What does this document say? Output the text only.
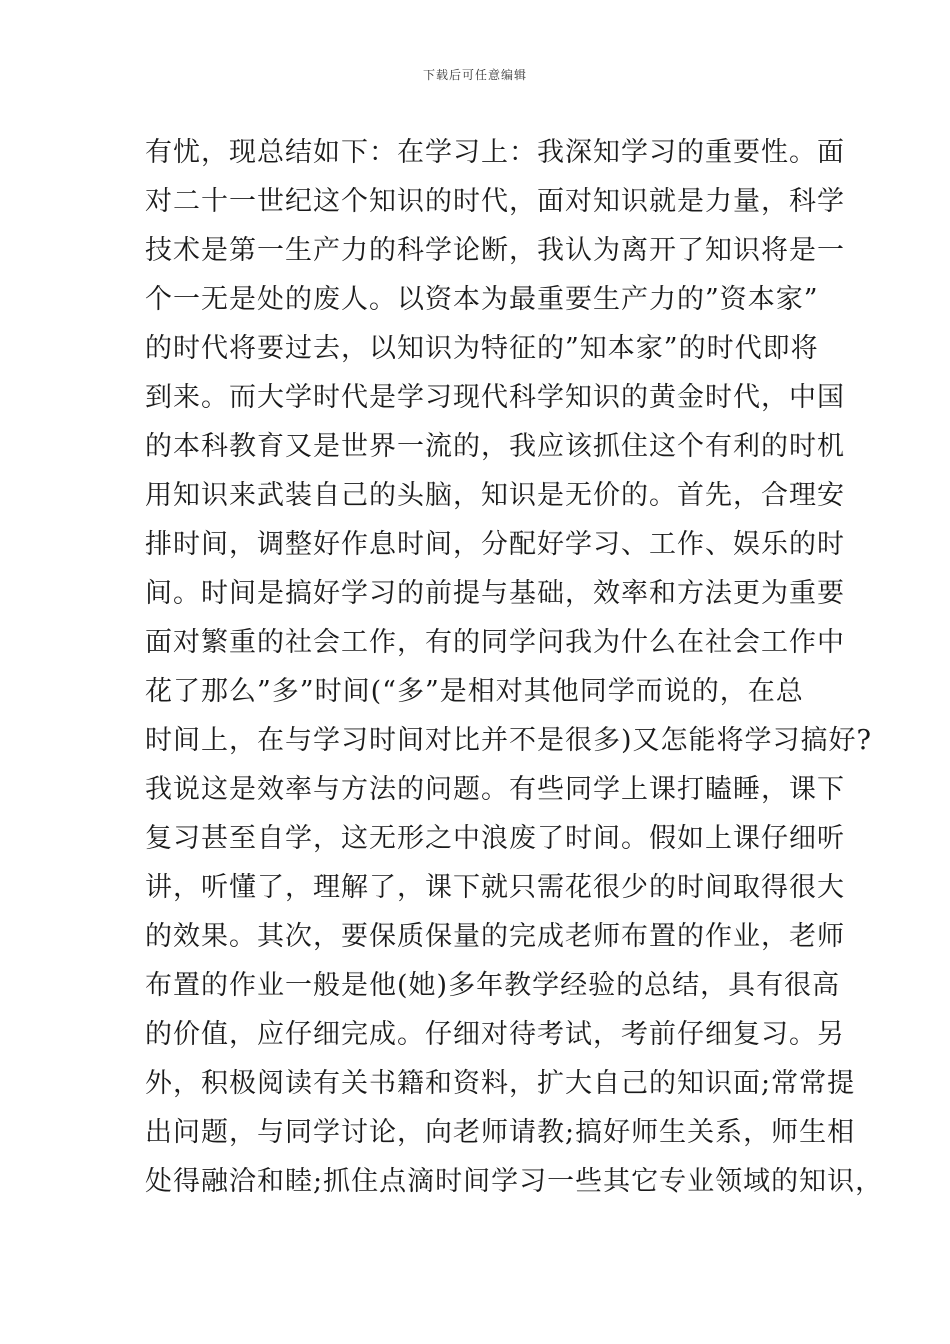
下载后可任意编辑
有忧，现总结如下：在学习上：我深知学习的重要性。面
对二十一世纪这个知识的时代，面对知识就是力量，科学
技术是第一生产力的科学论断，我认为离开了知识将是一
个一无是处的废人。以资本为最重要生产力的”资本家”
的时代将要过去，以知识为特征的”知本家”的时代即将
到来。而大学时代是学习现代科学知识的黄金时代，中国
的本科教育又是世界一流的，我应该抓住这个有利的时机
用知识来武装自己的头脑，知识是无价的。首先，合理安
排时间，调整好作息时间，分配好学习、工作、娱乐的时
间。时间是搞好学习的前提与基础，效率和方法更为重要
面对繁重的社会工作，有的同学问我为什么在社会工作中
花了那么”多”时间(“多”是相对其他同学而说的，在总
时间上，在与学习时间对比并不是很多)又怎能将学习搞好?
我说这是效率与方法的问题。有些同学上课打瞌睡，课下
复习甚至自学，这无形之中浪废了时间。假如上课仔细听
讲，听懂了，理解了，课下就只需花很少的时间取得很大
的效果。其次，要保质保量的完成老师布置的作业，老师
布置的作业一般是他(她)多年教学经验的总结，具有很高
的价值，应仔细完成。仔细对待考试，考前仔细复习。另
外，积极阅读有关书籍和资料，扩大自己的知识面;常常提
出问题，与同学讨论，向老师请教;搞好师生关系，师生相
处得融洽和睦;抓住点滴时间学习一些其它专业领域的知识，
